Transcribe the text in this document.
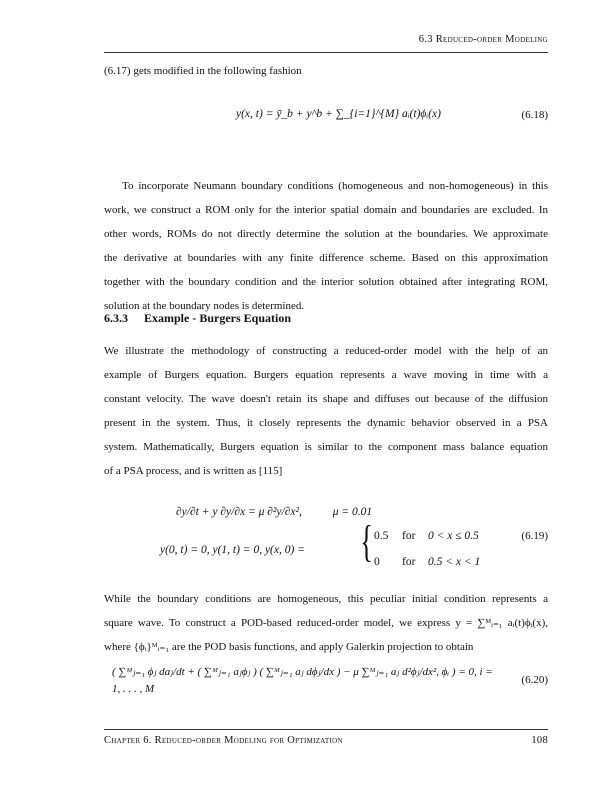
6.3 Reduced-order Modeling
(6.17) gets modified in the following fashion
y(x, t) = ȳ_b + y^b + ∑_{i=1}^{M} aᵢ(t)ϕᵢ(x)	(6.18)
To incorporate Neumann boundary conditions (homogeneous and non-homogeneous) in this
work, we construct a ROM only for the interior spatial domain and boundaries are excluded. In
other words, ROMs do not directly determine the solution at the boundaries. We approximate
the derivative at boundaries with any finite difference scheme. Based on this approximation
together with the boundary condition and the interior solution obtained after integrating ROM,
solution at the boundary nodes is determined.
6.3.3 Example - Burgers Equation
We illustrate the methodology of constructing a reduced-order model with the help of an
example of Burgers equation. Burgers equation represents a wave moving in time with a
constant velocity. The wave doesn't retain its shape and diffuses out because of the diffusion
present in the system. Thus, it closely represents the dynamic behavior observed in a PSA
system. Mathematically, Burgers equation is similar to the component mass balance equation
of a PSA process, and is written as [115]
∂y/∂t + y ∂y/∂x = μ ∂²y/∂x²,	μ = 0.01
y(0, t) = 0, y(1, t) = 0, y(x, 0) = { 0.5 for 0 < x ≤ 0.5
0 for 0.5 < x < 1
(6.19)
While the boundary conditions are homogeneous, this peculiar initial condition represents a
square wave. To construct a POD-based reduced-order model, we express y = ∑ᴹᵢ₌₁ aᵢ(t)ϕᵢ(x),
where {ϕᵢ}ᴹᵢ₌₁ are the POD basis functions, and apply Galerkin projection to obtain
( ∑ᴹⱼ₌₁ ϕⱼ daⱼ/dt + ( ∑ᴹⱼ₌₁ aⱼϕⱼ ) ( ∑ᴹⱼ₌₁ aⱼ dϕⱼ/dx ) − μ ∑ᴹⱼ₌₁ aⱼ d²ϕⱼ/dx², ϕᵢ ) = 0, i = 1, . . . , M
(6.20)
Chapter 6. Reduced-order Modeling for Optimization	108
